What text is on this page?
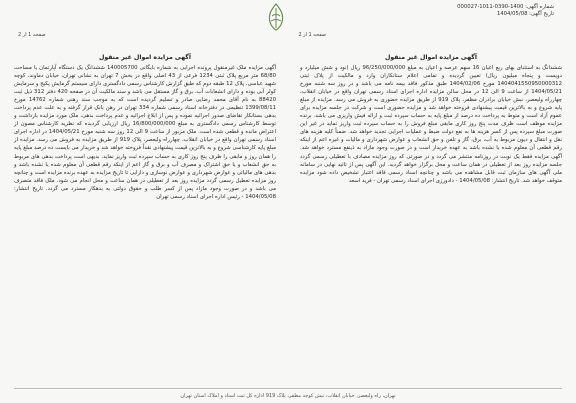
شماره آگهی: 1400-0390-1011-000027
تاریخ آگهی: 1404/05/08
صفحه 1 از 2
صفحه 1 از 2

آگهی مزایده اموال غیر منقول

ششدانگ به استثنای بهای ربع اعیان 16 سهم عرصه و اعیان به مبلغ 96/250/000/000 ریال (نود و شش میلیارد و دویست و پنجاه میلیون ریال) تعیین گردیده و تمامی اعلام ستانکاران وارد و مالکیت از پلاک ثبتی 1404041550950000312 مورخ 1404/02/06 طبق مذکور فاقد بیمه نامه می باشد و در روز سه شنبه مورخ 1404/05/21 از ساعت 9 الی 12 در محل سالن مزایده اداره اجرای اسناد رسمی تهران واقع در خیابان انقلاب، چهارراه ولیعصر، نبش خیابان برادران مظفر، پلاک 919 از طریق مزایده حضوری به فروش می رسد. مزایده از مبلغ پایه شروع و به بالاترین قیمت پیشنهادی فروخته خواهد شد و مزایده حضوری است و شرکت در جلسه مزایده برای عموم آزاد است و منوط به پرداخت ده درصد از مبلغ پایه به حساب سپرده ثبت و ارائه فیش واریزی می باشد. برنده مزایده موظف است ظرف مدت پنج روز کاری مابقی مبلغ فروش را به حساب سپرده ثبت واریز نماید در غیر این صورت مبلغ سپرده پس از کسر هزینه ها به نفع دولت ضبط و عملیات اجرایی تجدید خواهد شد. ضمناً کلیه هزینه های نقل و انتقال و دیون مربوط به آب، برق، گاز و تلفن و حق انشعاب و عوارض شهرداری و مالیات و غیره اعم از اینکه رقم قطعی آن معلوم شده یا نشده باشد به عهده خریدار است و در صورت وجود مازاد به ذینفع مسترد خواهد شد. آگهی مزایده فقط یک نوبت در روزنامه منتشر می گردد و در صورتی که روز مزایده مصادف با تعطیلی رسمی گردد جلسه مزایده روز بعد از تعطیلی در همان ساعت و محل برگزار خواهد گردید. این آگهی پس از تائید نهایی در سامانه ملی آگهی های سازمان ثبت قابل مشاهده می باشد و چنانچه اسناد رسمی فاقد اعتبار تشخیص داده شود مزایده متوقف خواهد شد. تاریخ انتشار: 1404/05/08 - دادورزی اجرای اسناد رسمی تهران - فرید اسعد

آگهی مزایده اموال غیر منقول

آگهی مزایده ملک غیرمنقول پرونده اجرایی به شماره بایگانی 140005700 ششدانگ یک دستگاه آپارتمان با مساحت 68/80 متر مربع پلاک ثبتی 1234 فرعی از 43 اصلی واقع در بخش 7 تهران به نشانی تهران، خیابان دماوند، کوچه شهید عباسی، پلاک 12 طبقه دوم که طبق گزارش کارشناس رسمی دادگستری دارای سیستم گرمایش پکیج و سرمایش کولر آبی بوده و دارای انشعابات آب، برق و گاز مستقل می باشد و سند مالکیت آن در صفحه 420 دفتر 312 ذیل ثبت 88420 به نام آقای محمد رضایی صادر و تسلیم گردیده است که به موجب سند رهنی شماره 14762 مورخ 1399/08/11 تنظیمی در دفترخانه اسناد رسمی شماره 334 تهران در رهن بانک قرار گرفته و به علت عدم پرداخت بدهی بستانکار تقاضای صدور اجرائیه نموده و پس از ابلاغ اجرائیه و عدم پرداخت بدهی، ملک مورد مزایده بازداشت و توسط کارشناس رسمی دادگستری به مبلغ 16/800/000/000 ریال ارزیابی گردیده که نظریه کارشناس مصون از اعتراض مانده و قطعی شده است. ملک مزبور از ساعت 9 الی 12 روز سه شنبه مورخ 1404/05/21 در اداره اجرای اسناد رسمی تهران واقع در خیابان انقلاب، چهارراه ولیعصر، پلاک 919 از طریق مزایده به فروش می رسد. مزایده از مبلغ پایه کارشناسی شروع و به بالاترین قیمت پیشنهادی نقداً فروخته خواهد شد و خریدار می بایست ده درصد مبلغ پایه را همان روز و مابقی را ظرف پنج روز کاری به حساب سپرده ثبت واریز نماید. بدیهی است پرداخت بدهی های مربوط به حق انشعاب و یا حق اشتراک و مصرف آب و برق و گاز اعم از اینکه رقم قطعی آن معلوم شده یا نشده باشد و بدهی های مالیاتی و عوارض شهرداری و عوارض نوسازی و دارایی تا تاریخ مزایده به عهده برنده مزایده است و چنانچه روز مزایده تعطیل رسمی گردد مزایده روز بعد از تعطیلی در همان ساعت و محل انجام می شود. ملک فاقد متصرف می باشد و در صورت وجود مازاد پس از کسر طلب و حقوق دولتی به بدهکار مسترد می گردد. تاریخ انتشار: 1404/05/08 - رئیس اداره اجرای اسناد رسمی تهران

تهران، راه ولیعصر، خیابان انقلاب، نبش کوچه مظفر، پلاک 919 اداره کل ثبت اسناد و املاک استان تهران
